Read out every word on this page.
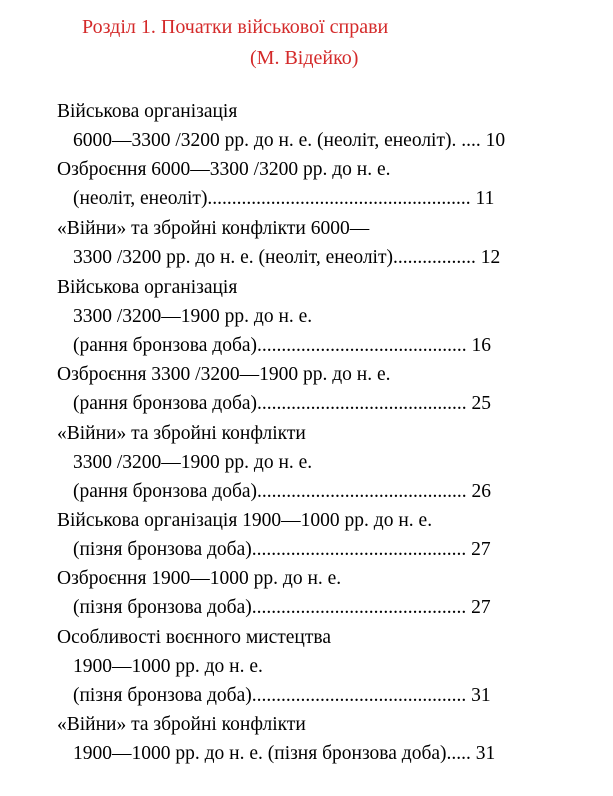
Розділ 1. Початки військової справи
(М. Відейко)
Військова організація
6000—3300 /3200 рр. до н. е. (неоліт, енеоліт). .... 10
Озброєння 6000—3300 /3200 рр. до н. е.
(неоліт, енеоліт)...................................................... 11
«Війни» та збройні конфлікти 6000—
3300 /3200 рр. до н. е. (неоліт, енеоліт)................. 12
Військова організація
3300 /3200—1900 рр. до н. е.
(рання бронзова доба)........................................... 16
Озброєння 3300 /3200—1900 рр. до н. е.
(рання бронзова доба)........................................... 25
«Війни» та збройні конфлікти
3300 /3200—1900 рр. до н. е.
(рання бронзова доба)........................................... 26
Військова організація 1900—1000 рр. до н. е.
(пізня бронзова доба)............................................ 27
Озброєння 1900—1000 рр. до н. е.
(пізня бронзова доба)............................................ 27
Особливості воєнного мистецтва
1900—1000 рр. до н. е.
(пізня бронзова доба)............................................ 31
«Війни» та збройні конфлікти
1900—1000 рр. до н. е. (пізня бронзова доба)..... 31
